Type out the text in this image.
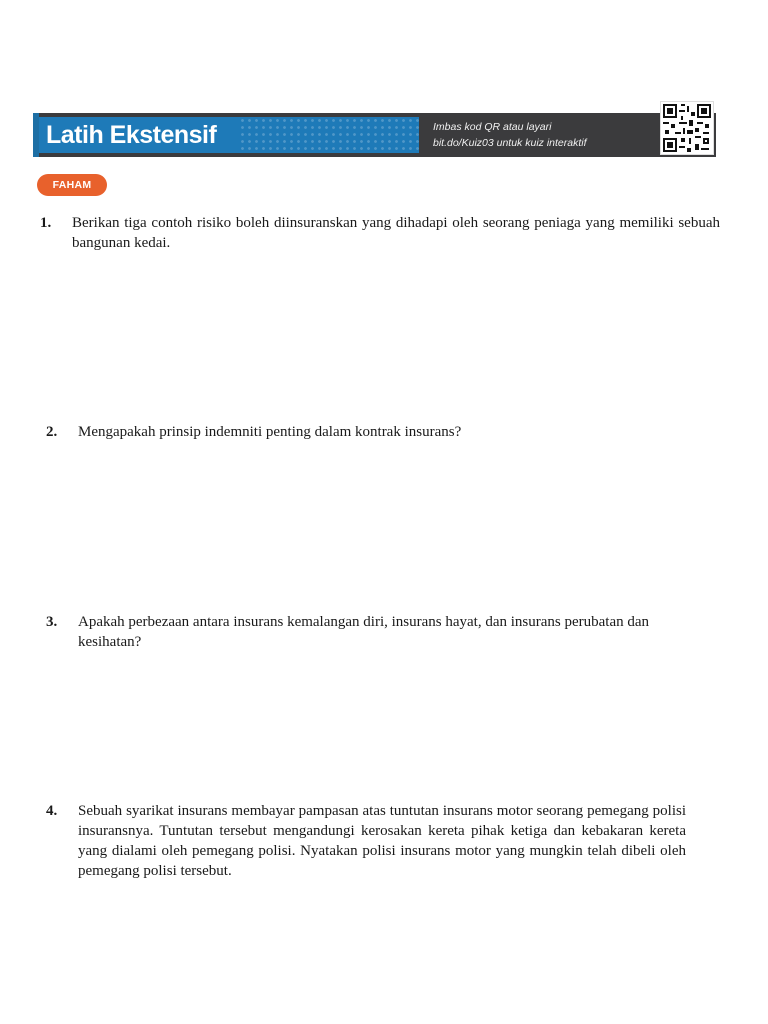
Latih Ekstensif	Imbas kod QR atau layari
bit.do/Kuiz03 untuk kuiz interaktif
FAHAM
1.	Berikan tiga contoh risiko boleh diinsuranskan yang dihadapi oleh seorang peniaga yang memiliki sebuah bangunan kedai.
2.	Mengapakah prinsip indemniti penting dalam kontrak insurans?
3.	Apakah perbezaan antara insurans kemalangan diri, insurans hayat, dan insurans perubatan dan kesihatan?
4.	Sebuah syarikat insurans membayar pampasan atas tuntutan insurans motor seorang pemegang polisi insuransnya. Tuntutan tersebut mengandungi kerosakan kereta pihak ketiga dan kebakaran kereta yang dialami oleh pemegang polisi. Nyatakan polisi insurans motor yang mungkin telah dibeli oleh pemegang polisi tersebut.
